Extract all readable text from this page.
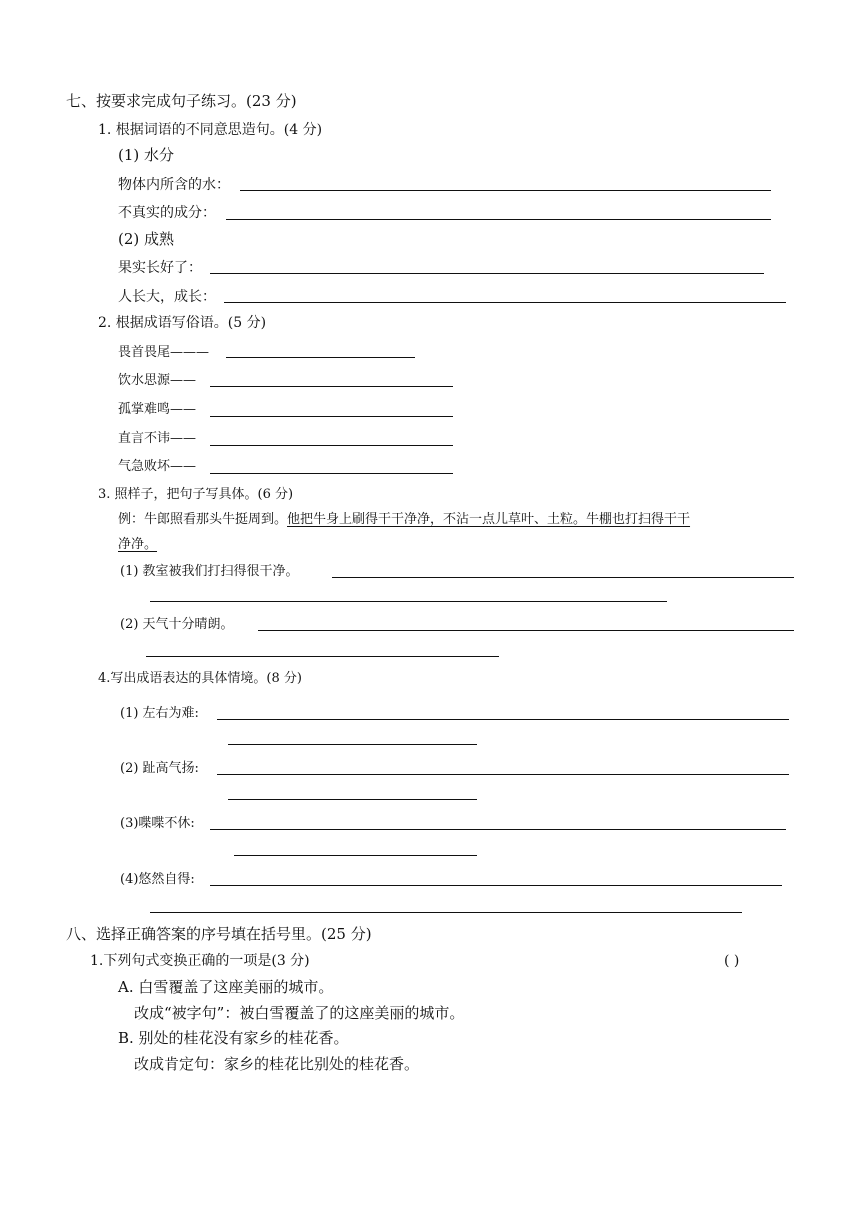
七、按要求完成句子练习。(23 分)
1. 根据词语的不同意思造句。(4 分)
(1) 水分
物体内所含的水：
不真实的成分：
(2) 成熟
果实长好了：
人长大，成长：
2. 根据成语写俗语。(5 分)
畏首畏尾———
饮水思源——
孤掌难鸣——
直言不讳——
气急败坏——
3. 照样子，把句子写具体。(6 分)
例：牛郎照看那头牛挺周到。他把牛身上刷得干干净净，不沾一点儿草叶、土粒。牛棚也打扫得干干
净净。
(1) 教室被我们打扫得很干净。
(2) 天气十分晴朗。
4.写出成语表达的具体情境。(8 分)
(1) 左右为难:
(2) 趾高气扬:
(3)喋喋不休:
(4)悠然自得:
八、选择正确答案的序号填在括号里。(25 分)
1.下列句式变换正确的一项是(3 分)	( )
A. 白雪覆盖了这座美丽的城市。
改成“被字句”：被白雪覆盖了的这座美丽的城市。
B. 别处的桂花没有家乡的桂花香。
改成肯定句：家乡的桂花比别处的桂花香。
